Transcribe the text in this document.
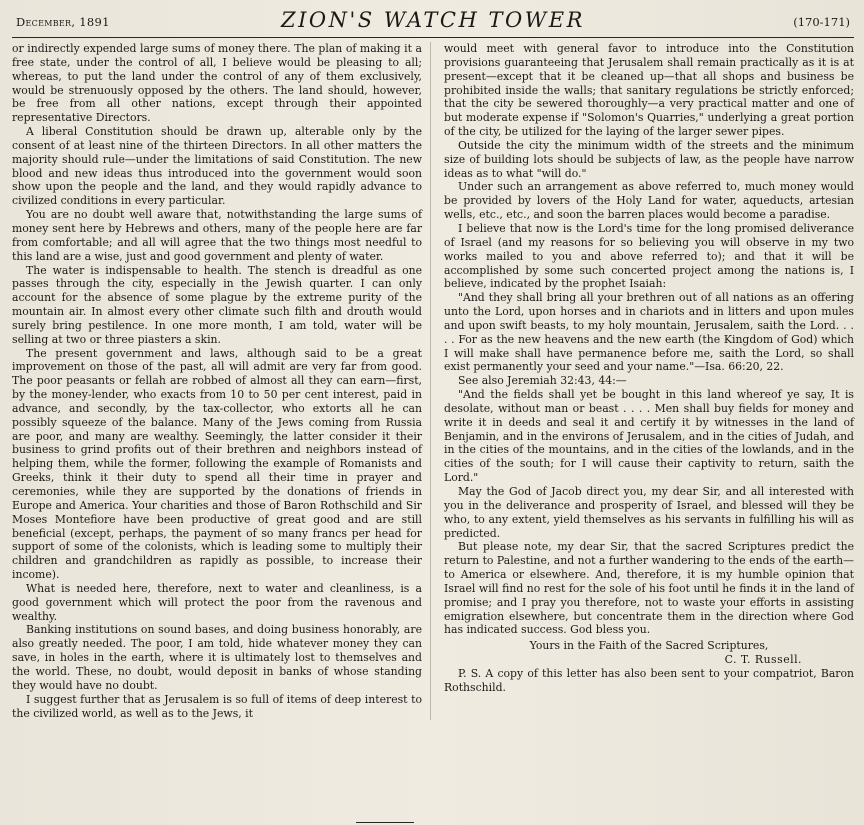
December, 1891	ZION'S WATCH TOWER	(170-171)

or indirectly expended large sums of money there. The plan of making it a free state, under the control of all, I believe would be pleasing to all; whereas, to put the land under the control of any of them exclusively, would be strenuously opposed by the others. The land should, however, be free from all other nations, except through their appointed representative Directors.

A liberal Constitution should be drawn up, alterable only by the consent of at least nine of the thirteen Directors. In all other matters the majority should rule—under the limitations of said Constitution. The new blood and new ideas thus introduced into the government would soon show upon the people and the land, and they would rapidly advance to civilized conditions in every particular.

You are no doubt well aware that, notwithstanding the large sums of money sent here by Hebrews and others, many of the people here are far from comfortable; and all will agree that the two things most needful to this land are a wise, just and good government and plenty of water.

The water is indispensable to health. The stench is dreadful as one passes through the city, especially in the Jewish quarter. I can only account for the absence of some plague by the extreme purity of the mountain air. In almost every other climate such filth and drouth would surely bring pestilence. In one more month, I am told, water will be selling at two or three piasters a skin.

The present government and laws, although said to be a great improvement on those of the past, all will admit are very far from good. The poor peasants or fellah are robbed of almost all they can earn—first, by the money-lender, who exacts from 10 to 50 per cent interest, paid in advance, and secondly, by the tax-collector, who extorts all he can possibly squeeze of the balance. Many of the Jews coming from Russia are poor, and many are wealthy. Seemingly, the latter consider it their business to grind profits out of their brethren and neighbors instead of helping them, while the former, following the example of Romanists and Greeks, think it their duty to spend all their time in prayer and ceremonies, while they are supported by the donations of friends in Europe and America. Your charities and those of Baron Rothschild and Sir Moses Montefiore have been productive of great good and are still beneficial (except, perhaps, the payment of so many francs per head for support of some of the colonists, which is leading some to multiply their children and grandchildren as rapidly as possible, to increase their income).

What is needed here, therefore, next to water and cleanliness, is a good government which will protect the poor from the ravenous and wealthy.

Banking institutions on sound bases, and doing business honorably, are also greatly needed. The poor, I am told, hide whatever money they can save, in holes in the earth, where it is ultimately lost to themselves and the world. These, no doubt, would deposit in banks of whose standing they would have no doubt.

I suggest further that as Jerusalem is so full of items of deep interest to the civilized world, as well as to the Jews, it

would meet with general favor to introduce into the Constitution provisions guaranteeing that Jerusalem shall remain practically as it is at present—except that it be cleaned up—that all shops and business be prohibited inside the walls; that sanitary regulations be strictly enforced; that the city be sewered thoroughly—a very practical matter and one of but moderate expense if "Solomon's Quarries," underlying a great portion of the city, be utilized for the laying of the larger sewer pipes.

Outside the city the minimum width of the streets and the minimum size of building lots should be subjects of law, as the people have narrow ideas as to what "will do."

Under such an arrangement as above referred to, much money would be provided by lovers of the Holy Land for water, aqueducts, artesian wells, etc., etc., and soon the barren places would become a paradise.

I believe that now is the Lord's time for the long promised deliverance of Israel (and my reasons for so believing you will observe in my two works mailed to you and above referred to); and that it will be accomplished by some such concerted project among the nations is, I believe, indicated by the prophet Isaiah:

"And they shall bring all your brethren out of all nations as an offering unto the Lord, upon horses and in chariots and in litters and upon mules and upon swift beasts, to my holy mountain, Jerusalem, saith the Lord. . . . . For as the new heavens and the new earth (the Kingdom of God) which I will make shall have permanence before me, saith the Lord, so shall exist permanently your seed and your name."—Isa. 66:20, 22.

See also Jeremiah 32:43, 44:—

"And the fields shall yet be bought in this land whereof ye say, It is desolate, without man or beast . . . . Men shall buy fields for money and write it in deeds and seal it and certify it by witnesses in the land of Benjamin, and in the environs of Jerusalem, and in the cities of Judah, and in the cities of the mountains, and in the cities of the lowlands, and in the cities of the south; for I will cause their captivity to return, saith the Lord."

May the God of Jacob direct you, my dear Sir, and all interested with you in the deliverance and prosperity of Israel, and blessed will they be who, to any extent, yield themselves as his servants in fulfilling his will as predicted.

But please note, my dear Sir, that the sacred Scriptures predict the return to Palestine, and not a further wandering to the ends of the earth—to America or elsewhere. And, therefore, it is my humble opinion that Israel will find no rest for the sole of his foot until he finds it in the land of promise; and I pray you therefore, not to waste your efforts in assisting emigration elsewhere, but concentrate them in the direction where God has indicated success. God bless you.

Yours in the Faith of the Sacred Scriptures,

C. T. Russell.

P. S. A copy of this letter has also been sent to your compatriot, Baron Rothschild.
